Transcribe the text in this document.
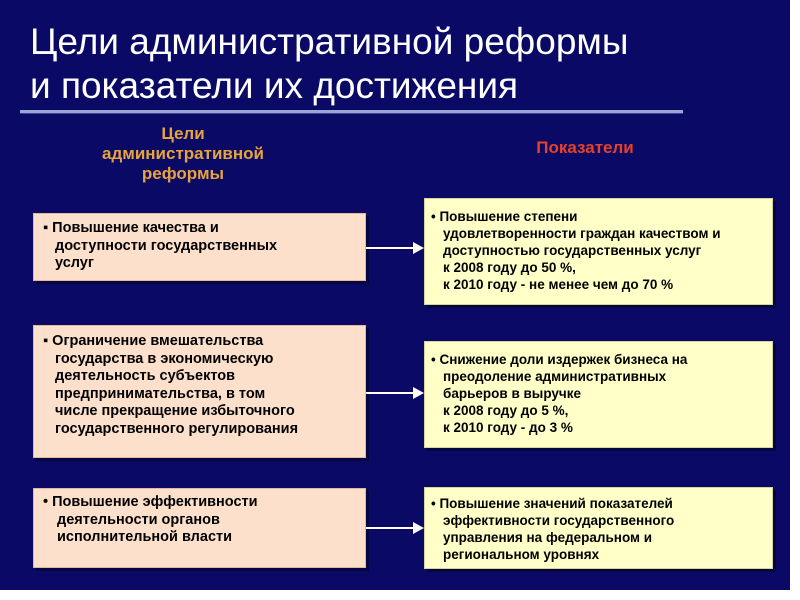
Цели административной реформы
и показатели их достижения
Цели
административной
реформы
Показатели
▪ Повышение качества и
доступности государственных
услуг
▪ Ограничение вмешательства
государства в экономическую
деятельность субъектов
предпринимательства, в том
числе прекращение избыточного
государственного регулирования
• Повышение эффективности
деятельности органов
исполнительной власти
• Повышение степени
удовлетворенности граждан качеством и
доступностью государственных услуг
к 2008 году до 50 %,
к 2010 году - не менее чем до 70 %
• Снижение доли издержек бизнеса на
преодоление административных
барьеров в выручке
к 2008 году до 5 %,
к 2010 году - до 3 %
• Повышение значений показателей
эффективности государственного
управления на федеральном и
региональном уровнях
